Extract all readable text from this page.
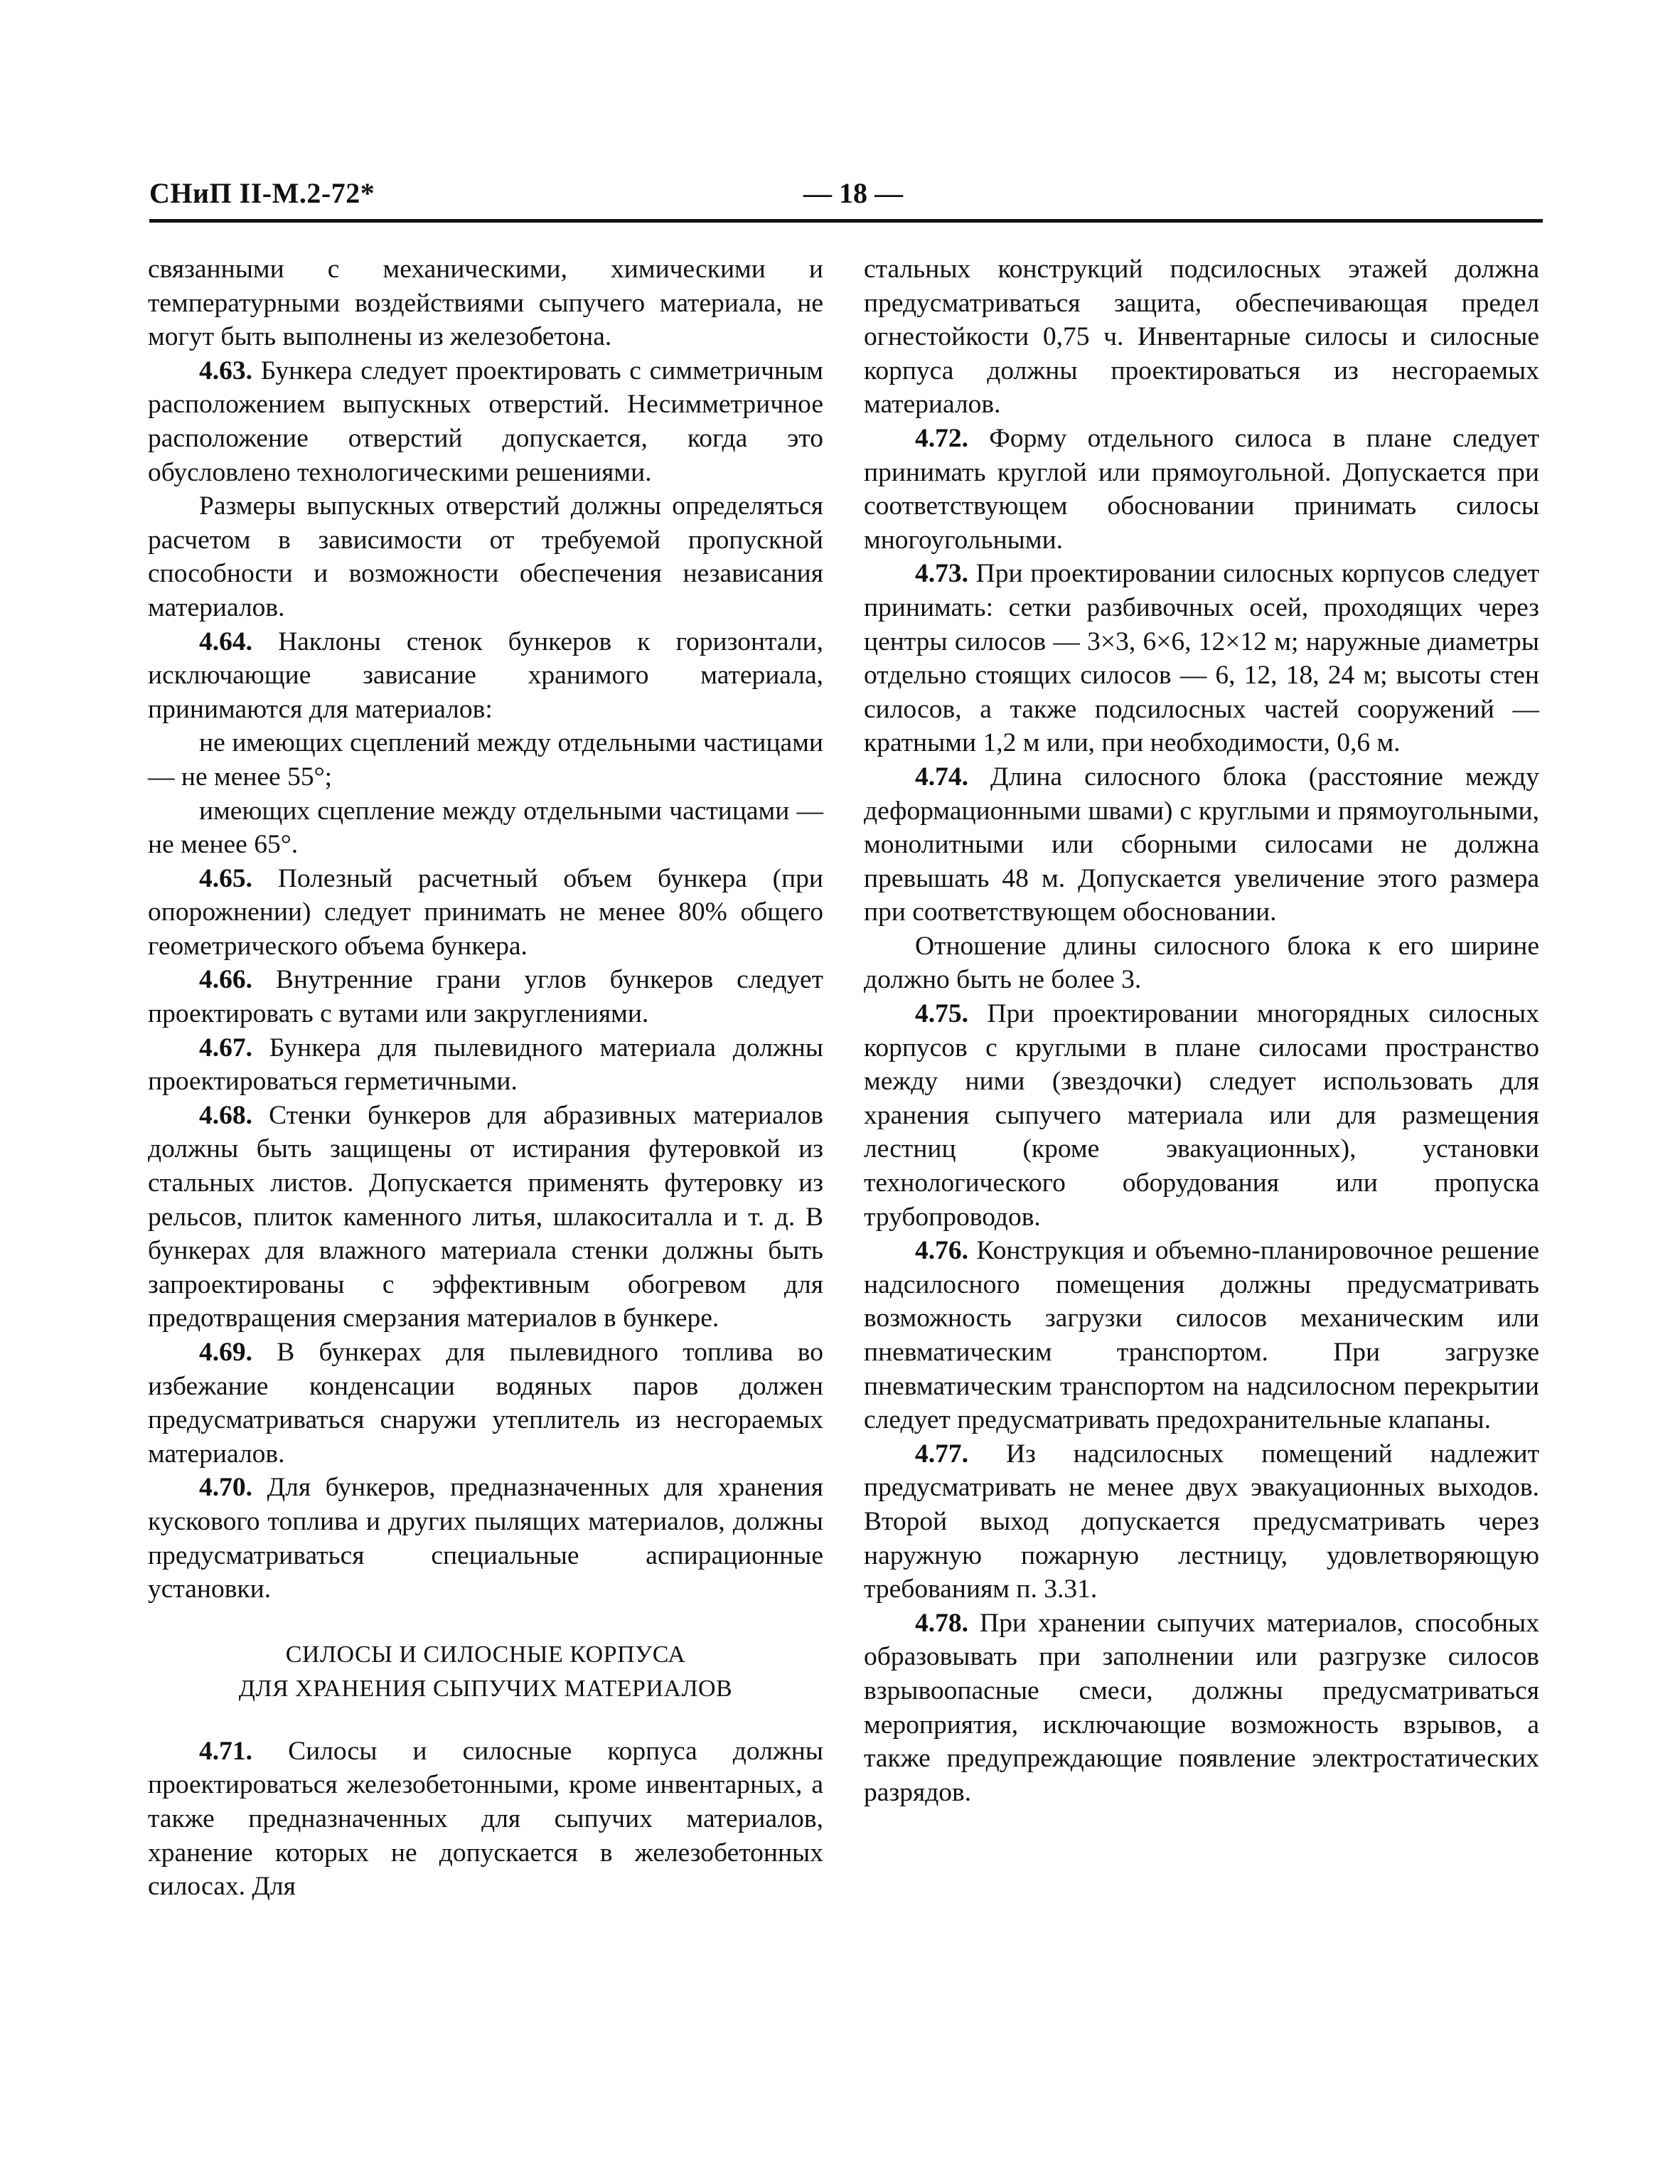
СНиП II-М.2-72*	— 18 —

связанными с механическими, химическими и температурными воздействиями сыпучего материала, не могут быть выполнены из железобетона.

4.63. Бункера следует проектировать с симметричным расположением выпускных отверстий. Несимметричное расположение отверстий допускается, когда это обусловлено технологическими решениями.

Размеры выпускных отверстий должны определяться расчетом в зависимости от требуемой пропускной способности и возможности обеспечения независания материалов.

4.64. Наклоны стенок бункеров к горизонтали, исключающие зависание хранимого материала, принимаются для материалов:

не имеющих сцеплений между отдельными частицами — не менее 55°;

имеющих сцепление между отдельными частицами — не менее 65°.

4.65. Полезный расчетный объем бункера (при опорожнении) следует принимать не менее 80% общего геометрического объема бункера.

4.66. Внутренние грани углов бункеров следует проектировать с вутами или закруглениями.

4.67. Бункера для пылевидного материала должны проектироваться герметичными.

4.68. Стенки бункеров для абразивных материалов должны быть защищены от истирания футеровкой из стальных листов. Допускается применять футеровку из рельсов, плиток каменного литья, шлакоситалла и т. д. В бункерах для влажного материала стенки должны быть запроектированы с эффективным обогревом для предотвращения смерзания материалов в бункере.

4.69. В бункерах для пылевидного топлива во избежание конденсации водяных паров должен предусматриваться снаружи утеплитель из несгораемых материалов.

4.70. Для бункеров, предназначенных для хранения кускового топлива и других пылящих материалов, должны предусматриваться специальные аспирационные установки.

СИЛОСЫ И СИЛОСНЫЕ КОРПУСА
ДЛЯ ХРАНЕНИЯ СЫПУЧИХ МАТЕРИАЛОВ

4.71. Силосы и силосные корпуса должны проектироваться железобетонными, кроме инвентарных, а также предназначенных для сыпучих материалов, хранение которых не допускается в железобетонных силосах. Для

стальных конструкций подсилосных этажей должна предусматриваться защита, обеспечивающая предел огнестойкости 0,75 ч. Инвентарные силосы и силосные корпуса должны проектироваться из несгораемых материалов.

4.72. Форму отдельного силоса в плане следует принимать круглой или прямоугольной. Допускается при соответствующем обосновании принимать силосы многоугольными.

4.73. При проектировании силосных корпусов следует принимать: сетки разбивочных осей, проходящих через центры силосов — 3×3, 6×6, 12×12 м; наружные диаметры отдельно стоящих силосов — 6, 12, 18, 24 м; высоты стен силосов, а также подсилосных частей сооружений — кратными 1,2 м или, при необходимости, 0,6 м.

4.74. Длина силосного блока (расстояние между деформационными швами) с круглыми и прямоугольными, монолитными или сборными силосами не должна превышать 48 м. Допускается увеличение этого размера при соответствующем обосновании.

Отношение длины силосного блока к его ширине должно быть не более 3.

4.75. При проектировании многорядных силосных корпусов с круглыми в плане силосами пространство между ними (звездочки) следует использовать для хранения сыпучего материала или для размещения лестниц (кроме эвакуационных), установки технологического оборудования или пропуска трубопроводов.

4.76. Конструкция и объемно-планировочное решение надсилосного помещения должны предусматривать возможность загрузки силосов механическим или пневматическим транспортом. При загрузке пневматическим транспортом на надсилосном перекрытии следует предусматривать предохранительные клапаны.

4.77. Из надсилосных помещений надлежит предусматривать не менее двух эвакуационных выходов. Второй выход допускается предусматривать через наружную пожарную лестницу, удовлетворяющую требованиям п. 3.31.

4.78. При хранении сыпучих материалов, способных образовывать при заполнении или разгрузке силосов взрывоопасные смеси, должны предусматриваться мероприятия, исключающие возможность взрывов, а также предупреждающие появление электростатических разрядов.
